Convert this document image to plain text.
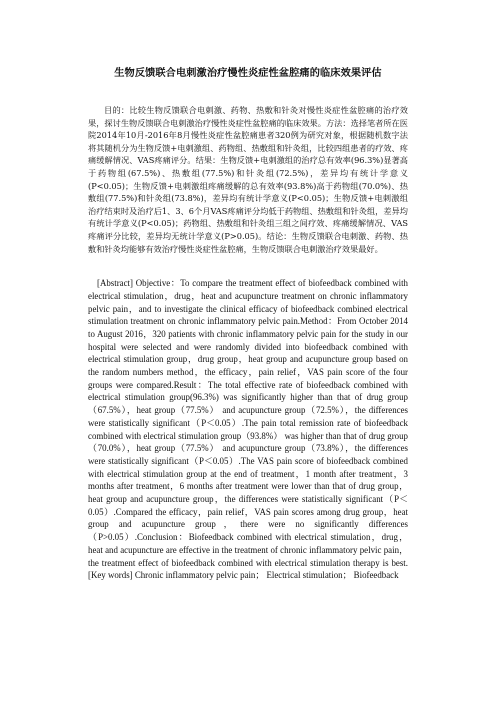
生物反馈联合电刺激治疗慢性炎症性盆腔痛的临床效果评估

目的：比较生物反馈联合电刺激、药物、热敷和针灸对慢性炎症性盆腔痛的治疗效果，探讨生物反馈联合电刺激治疗慢性炎症性盆腔痛的临床效果。方法：选择笔者所在医院2014年10月-2016年8月慢性炎症性盆腔痛患者320例为研究对象，根据随机数字法将其随机分为生物反馈+电刺激组、药物组、热敷组和针灸组，比较四组患者的疗效、疼痛缓解情况、VAS疼痛评分。结果：生物反馈+电刺激组的治疗总有效率(96.3%)显著高于药物组(67.5%)、热敷组(77.5%)和针灸组(72.5%)，差异均有统计学意义(P<0.05)；生物反馈+电刺激组疼痛缓解的总有效率(93.8%)高于药物组(70.0%)、热敷组(77.5%)和针灸组(73.8%)，差异均有统计学意义(P<0.05)；生物反馈+电刺激组治疗结束时及治疗后1、3、6个月VAS疼痛评分均低于药物组、热敷组和针灸组，差异均有统计学意义(P<0.05)；药物组、热敷组和针灸组三组之间疗效、疼痛缓解情况、VAS疼痛评分比较，差异均无统计学意义(P>0.05)。结论：生物反馈联合电刺激、药物、热敷和针灸均能够有效治疗慢性炎症性盆腔痛，生物反馈联合电刺激治疗效果最好。

[Abstract] Objective：To compare the treatment effect of biofeedback combined with electrical stimulation，drug，heat and acupuncture treatment on chronic inflammatory pelvic pain，and to investigate the clinical efficacy of biofeedback combined electrical stimulation treatment on chronic inflammatory pelvic pain.Method：From October 2014 to August 2016，320 patients with chronic inflammatory pelvic pain for the study in our hospital were selected and were randomly divided into biofeedback combined with electrical stimulation group，drug group，heat group and acupuncture group based on the random numbers method，the efficacy，pain relief，VAS pain score of the four groups were compared.Result：The total effective rate of biofeedback combined with electrical stimulation group(96.3%) was significantly higher than that of drug group（67.5%），heat group（77.5%） and acupuncture group（72.5%），the differences were statistically significant（P＜0.05）.The pain total remission rate of biofeedback combined with electrical stimulation group（93.8%） was higher than that of drug group（70.0%），heat group（77.5%） and acupuncture group（73.8%），the differences were statistically significant（P＜0.05）.The VAS pain score of biofeedback combined with electrical stimulation group at the end of treatment，1 month after treatment，3 months after treatment，6 months after treatment were lower than that of drug group，heat group and acupuncture group，the differences were statistically significant（P＜0.05）.Compared the efficacy，pain relief，VAS pain scores among drug group，heat group and acupuncture group，there were no significantly differences（P>0.05）.Conclusion：Biofeedback combined with electrical stimulation，drug，heat and acupuncture are effective in the treatment of chronic inflammatory pelvic pain，the treatment effect of biofeedback combined with electrical stimulation therapy is best.[Key words] Chronic inflammatory pelvic pain； Electrical stimulation； Biofeedback
